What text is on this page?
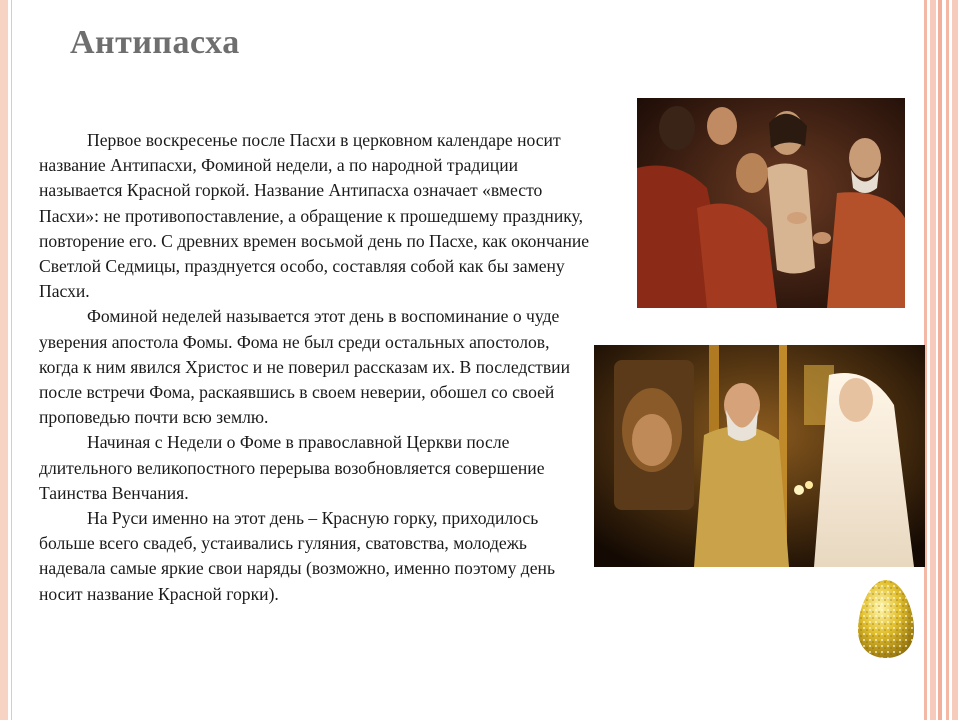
Антипасха

Первое воскресенье после Пасхи в церковном календаре носит название Антипасхи, Фоминой недели, а по народной традиции называется Красной горкой. Название Антипасха означает «вместо Пасхи»: не противопоставление, а обращение к прошедшему празднику, повторение его. С древних времен восьмой день по Пасхе, как окончание Светлой Седмицы, празднуется особо, составляя собой как бы замену Пасхи.

Фоминой неделей называется этот день в воспоминание о чуде уверения апостола Фомы. Фома не был среди остальных апостолов, когда к ним явился Христос и не поверил рассказам их. В последствии после встречи Фома, раскаявшись в своем неверии, обошел со своей проповедью почти всю землю.

Начиная с Недели о Фоме в православной Церкви после длительного великопостного перерыва возобновляется совершение Таинства Венчания.

На Руси именно на этот день – Красную горку, приходилось больше всего свадеб, устаивались гуляния, сватовства, молодежь надевала самые яркие свои наряды (возможно, именно поэтому день носит название Красной горки).
